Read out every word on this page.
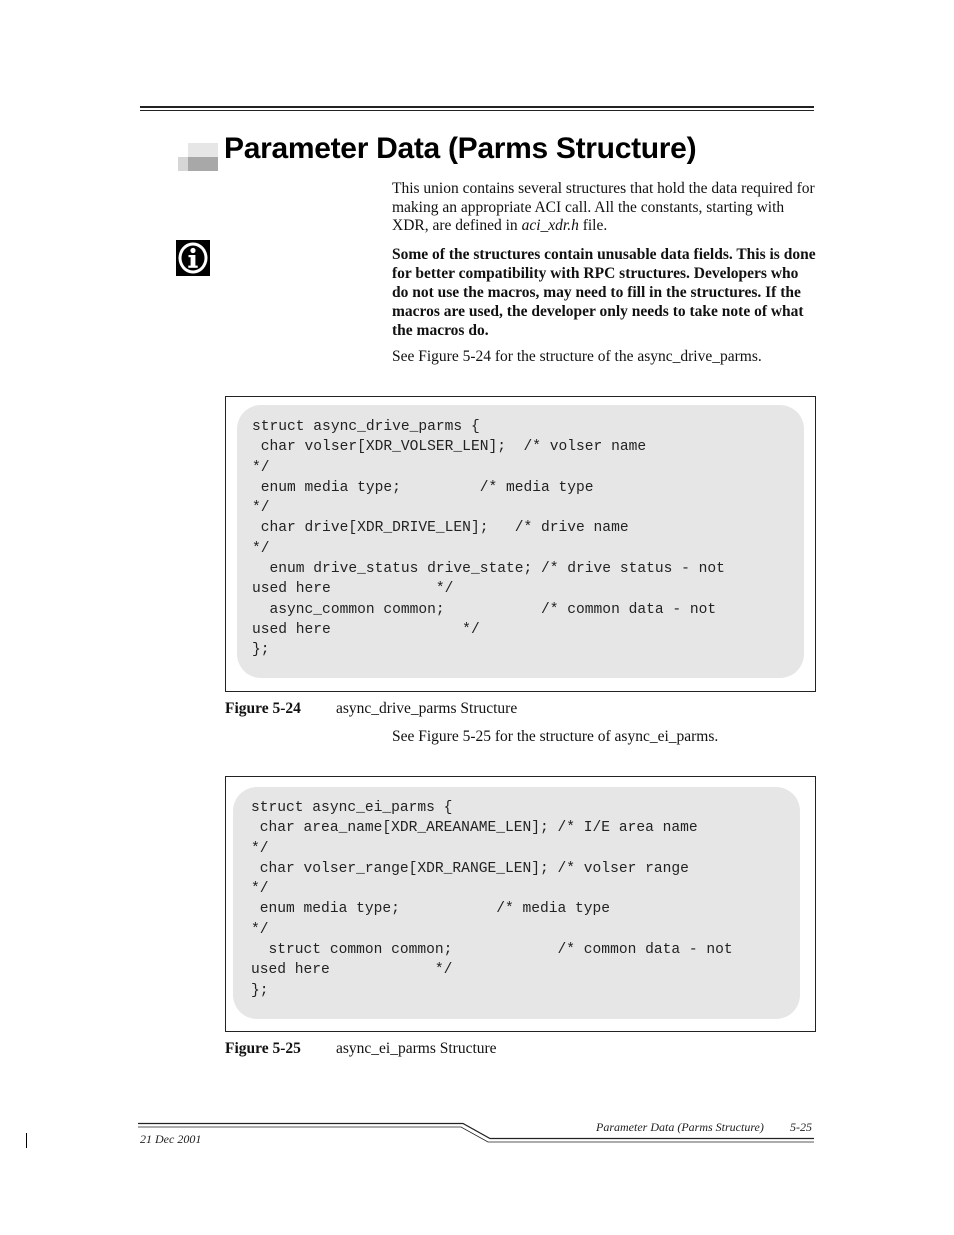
Parameter Data (Parms Structure)

This union contains several structures that hold the data required for making an appropriate ACI call. All the constants, starting with XDR, are defined in aci_xdr.h file.

Some of the structures contain unusable data fields. This is done for better compatibility with RPC structures. Developers who do not use the macros, may need to fill in the structures. If the macros are used, the developer only needs to take note of what the macros do.

See Figure 5-24 for the structure of the async_drive_parms.

struct async_drive_parms {
char volser[XDR_VOLSER_LEN];  /* volser name
*/
enum media type;         /* media type
*/
char drive[XDR_DRIVE_LEN];   /* drive name
*/
enum drive_status drive_state; /* drive status - not
used here            */
async_common common;           /* common data - not
used here               */
};
Figure 5-24 async_drive_parms Structure

See Figure 5-25 for the structure of async_ei_parms.

struct async_ei_parms {
char area_name[XDR_AREANAME_LEN]; /* I/E area name
*/
char volser_range[XDR_RANGE_LEN]; /* volser range
*/
enum media type;           /* media type
*/
struct common common;            /* common data - not
used here            */
};
Figure 5-25 async_ei_parms Structure
Parameter Data (Parms Structure) 5-25
21 Dec 2001
